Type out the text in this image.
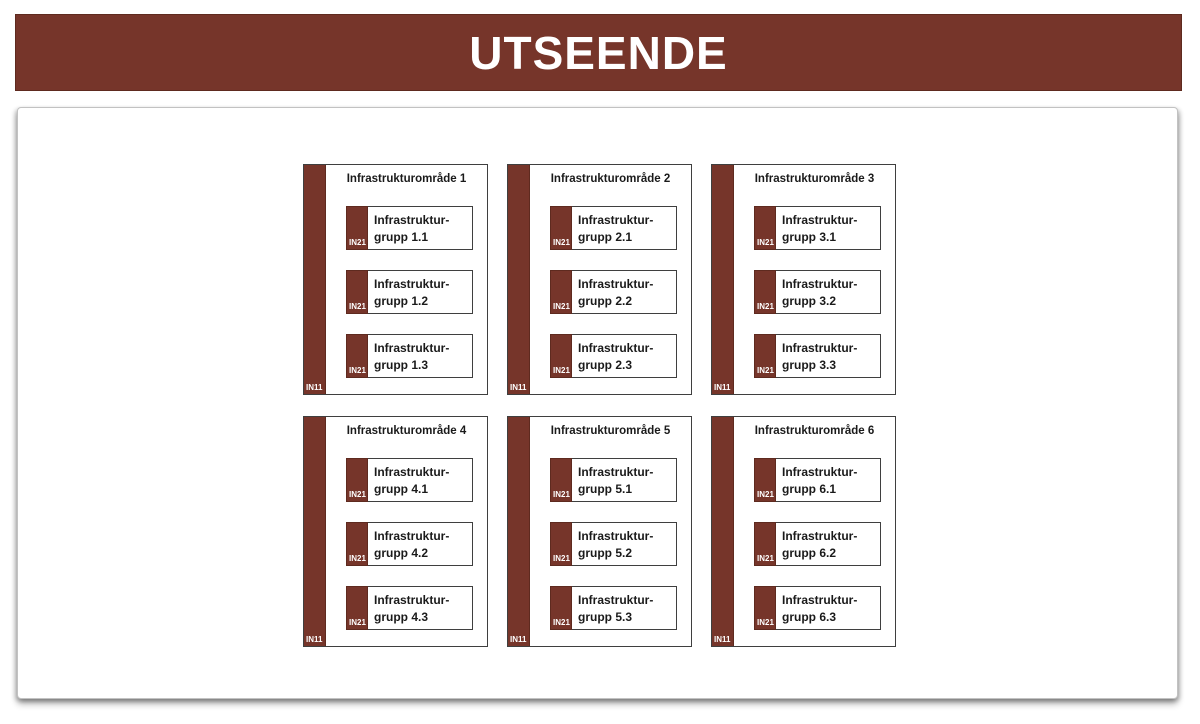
UTSEENDE
IN11
Infrastrukturområde 1
IN21
Infrastruktur-
grupp 1.1
IN21
Infrastruktur-
grupp 1.2
IN21
Infrastruktur-
grupp 1.3
IN11
Infrastrukturområde 2
IN21
Infrastruktur-
grupp 2.1
IN21
Infrastruktur-
grupp 2.2
IN21
Infrastruktur-
grupp 2.3
IN11
Infrastrukturområde 3
IN21
Infrastruktur-
grupp 3.1
IN21
Infrastruktur-
grupp 3.2
IN21
Infrastruktur-
grupp 3.3
IN11
Infrastrukturområde 4
IN21
Infrastruktur-
grupp 4.1
IN21
Infrastruktur-
grupp 4.2
IN21
Infrastruktur-
grupp 4.3
IN11
Infrastrukturområde 5
IN21
Infrastruktur-
grupp 5.1
IN21
Infrastruktur-
grupp 5.2
IN21
Infrastruktur-
grupp 5.3
IN11
Infrastrukturområde 6
IN21
Infrastruktur-
grupp 6.1
IN21
Infrastruktur-
grupp 6.2
IN21
Infrastruktur-
grupp 6.3
